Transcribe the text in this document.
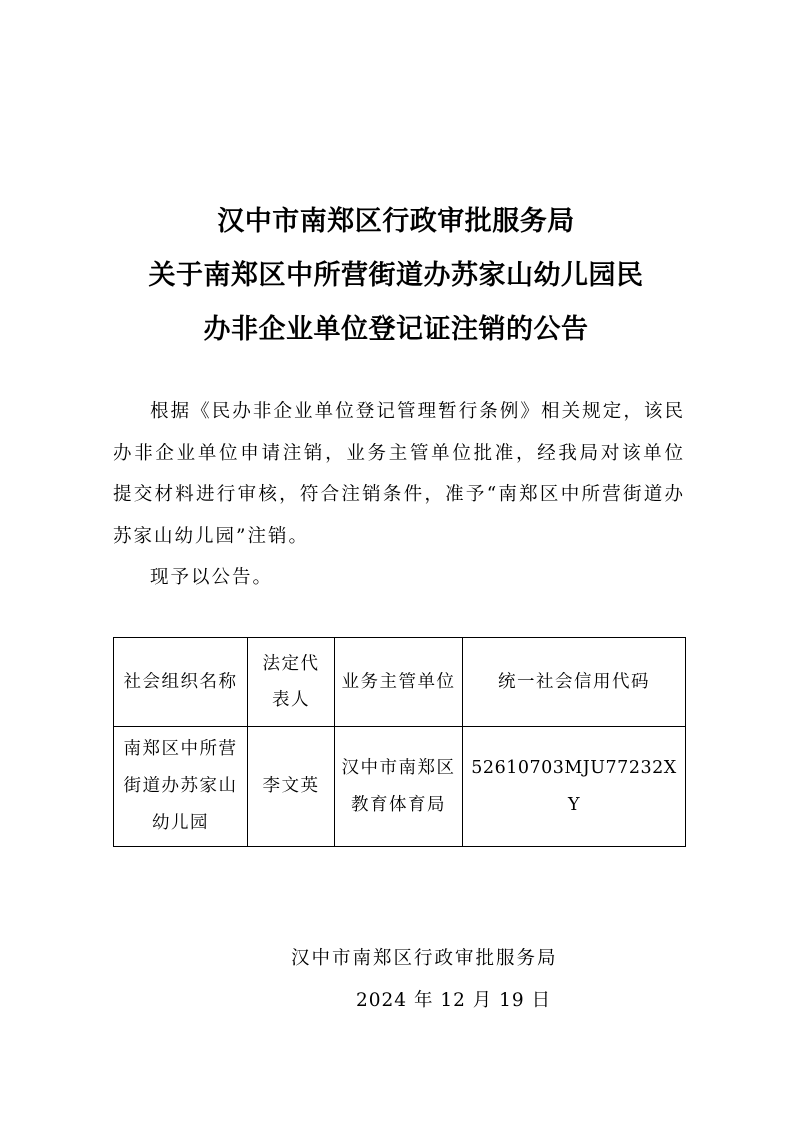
汉中市南郑区行政审批服务局
关于南郑区中所营街道办苏家山幼儿园民
办非企业单位登记证注销的公告

根据《民办非企业单位登记管理暂行条例》相关规定，该民办非企业单位申请注销，业务主管单位批准，经我局对该单位提交材料进行审核，符合注销条件，准予“南郑区中所营街道办苏家山幼儿园”注销。

现予以公告。

社会组织名称	法定代表人	业务主管单位	统一社会信用代码
南郑区中所营街道办苏家山幼儿园	李文英	汉中市南郑区教育体育局	52610703MJU77232XY
汉中市南郑区行政审批服务局
2024 年 12 月 19 日
